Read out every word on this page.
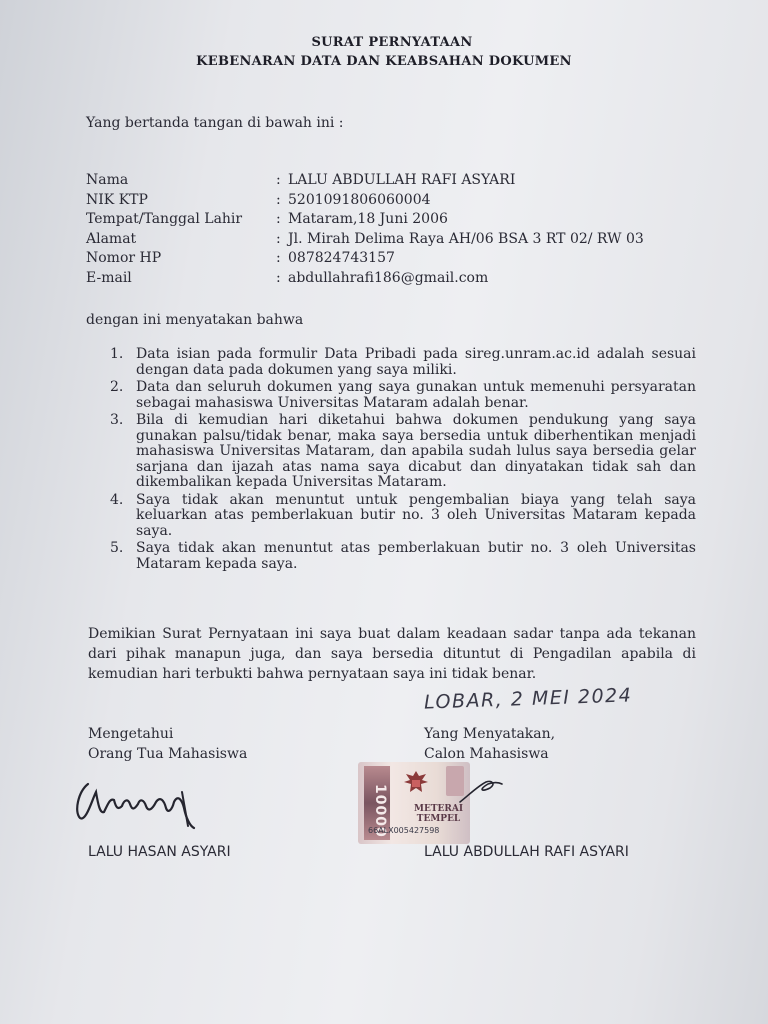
SURAT PERNYATAAN
KEBENARAN DATA DAN KEABSAHAN DOKUMEN
Yang bertanda tangan di bawah ini :
Nama	: LALU ABDULLAH RAFI ASYARI
NIK KTP	: 5201091806060004
Tempat/Tanggal Lahir	: Mataram,18 Juni 2006
Alamat	: Jl. Mirah Delima Raya AH/06 BSA 3 RT 02/ RW 03
Nomor HP	: 087824743157
E-mail	: abdullahrafi186@gmail.com
dengan ini menyatakan bahwa
1. Data isian pada formulir Data Pribadi pada sireg.unram.ac.id adalah sesuai dengan data pada dokumen yang saya miliki.
2. Data dan seluruh dokumen yang saya gunakan untuk memenuhi persyaratan sebagai mahasiswa Universitas Mataram adalah benar.
3. Bila di kemudian hari diketahui bahwa dokumen pendukung yang saya gunakan palsu/tidak benar, maka saya bersedia untuk diberhentikan menjadi mahasiswa Universitas Mataram, dan apabila sudah lulus saya bersedia gelar sarjana dan ijazah atas nama saya dicabut dan dinyatakan tidak sah dan dikembalikan kepada Universitas Mataram.
4. Saya tidak akan menuntut untuk pengembalian biaya yang telah saya keluarkan atas pemberlakuan butir no. 3 oleh Universitas Mataram kepada saya.
5. Saya tidak akan menuntut atas pemberlakuan butir no. 3 oleh Universitas Mataram kepada saya.
Demikian Surat Pernyataan ini saya buat dalam keadaan sadar tanpa ada tekanan dari pihak manapun juga, dan saya bersedia dituntut di Pengadilan apabila di kemudian hari terbukti bahwa pernyataan saya ini tidak benar.
LOBAR, 2 MEI 2024
Mengetahui
Orang Tua Mahasiswa
Yang Menyatakan,
Calon Mahasiswa
10000	METERAI
TEMPEL
66ALX005427598
LALU HASAN ASYARI	LALU ABDULLAH RAFI ASYARI
